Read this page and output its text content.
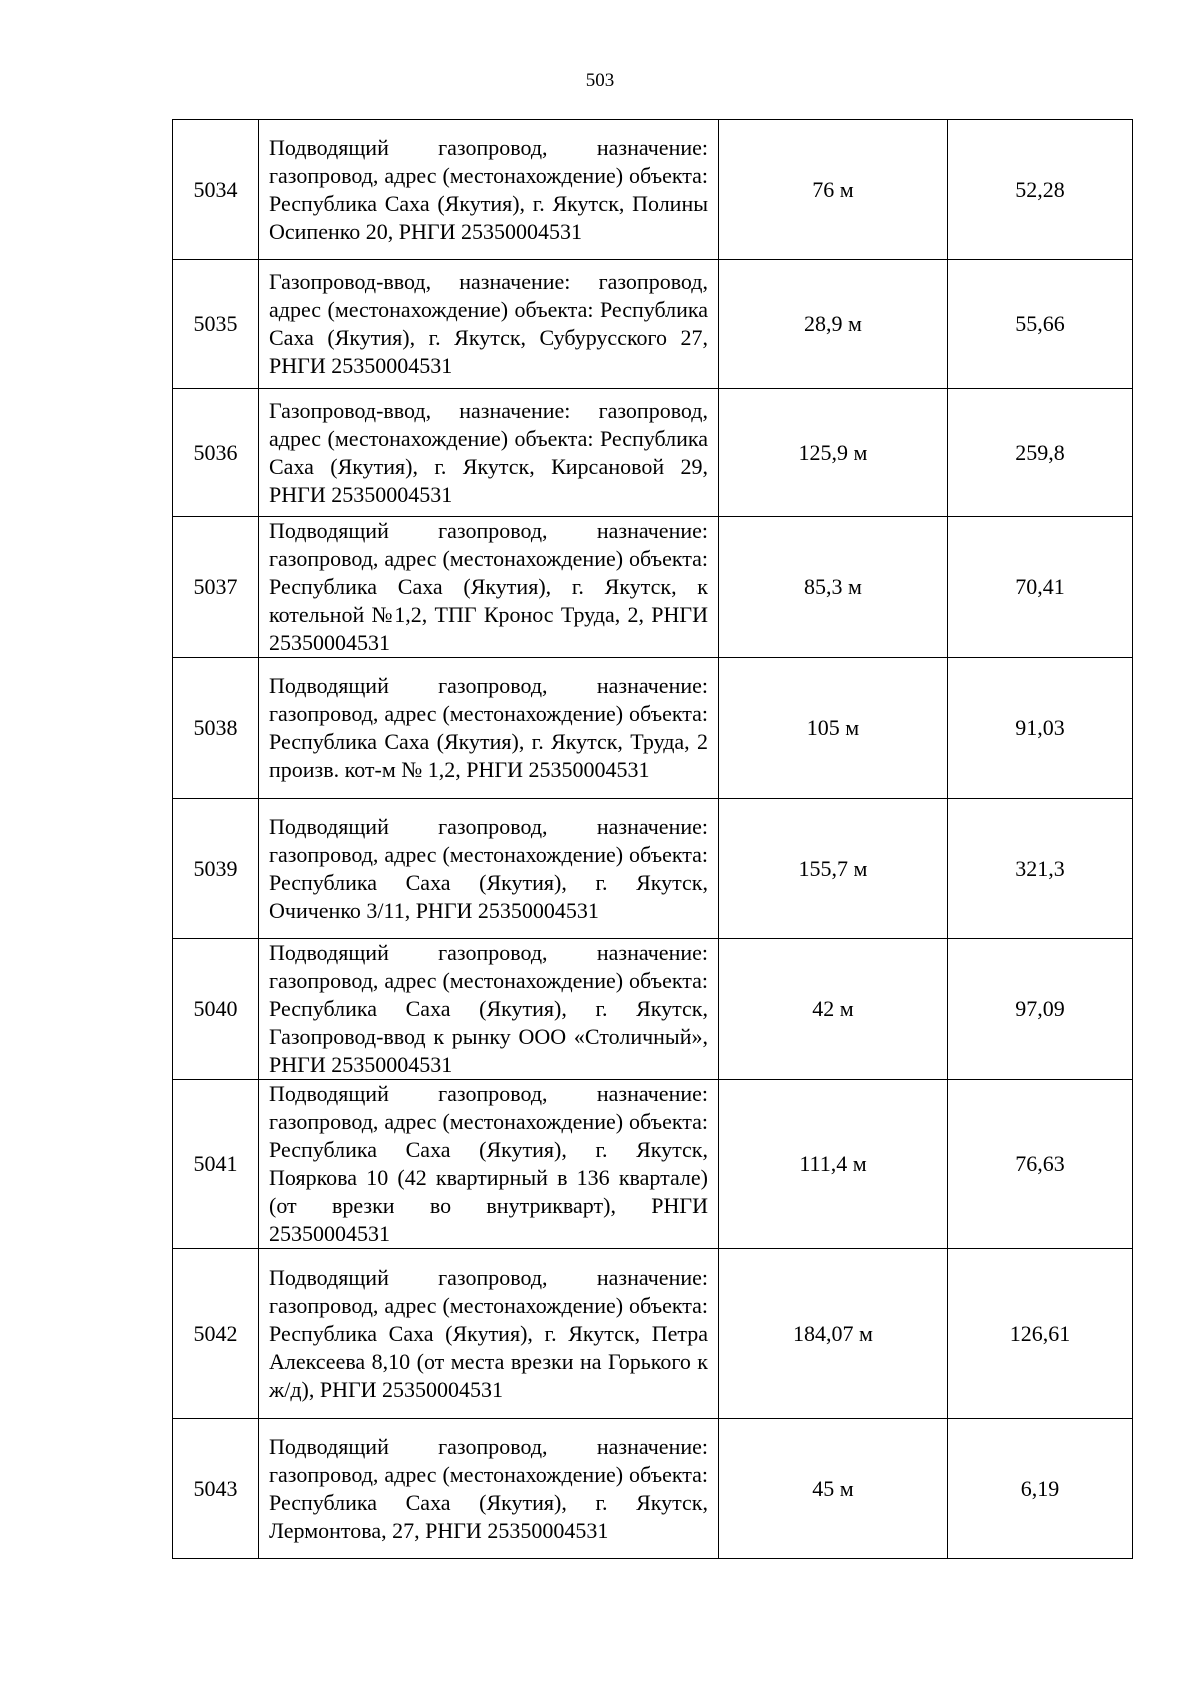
503
5034	Подводящий газопровод, назначение: газопровод, адрес (местонахождение) объекта: Республика Саха (Якутия), г. Якутск, Полины Осипенко 20, РНГИ 25350004531	76 м	52,28
5035	Газопровод-ввод, назначение: газопровод, адрес (местонахождение) объекта: Республика Саха (Якутия), г. Якутск, Субурусского 27, РНГИ 25350004531	28,9 м	55,66
5036	Газопровод-ввод, назначение: газопровод, адрес (местонахождение) объекта: Республика Саха (Якутия), г. Якутск, Кирсановой 29, РНГИ 25350004531	125,9 м	259,8
5037	Подводящий газопровод, назначение: газопровод, адрес (местонахождение) объекта: Республика Саха (Якутия), г. Якутск, к котельной №1,2, ТПГ Кронос Труда, 2, РНГИ 25350004531	85,3 м	70,41
5038	Подводящий газопровод, назначение: газопровод, адрес (местонахождение) объекта: Республика Саха (Якутия), г. Якутск, Труда, 2 произв. кот-м № 1,2, РНГИ 25350004531	105 м	91,03
5039	Подводящий газопровод, назначение: газопровод, адрес (местонахождение) объекта: Республика Саха (Якутия), г. Якутск, Очиченко 3/11, РНГИ 25350004531	155,7 м	321,3
5040	Подводящий газопровод, назначение: газопровод, адрес (местонахождение) объекта: Республика Саха (Якутия), г. Якутск, Газопровод-ввод к рынку ООО «Столичный», РНГИ 25350004531	42 м	97,09
5041	Подводящий газопровод, назначение: газопровод, адрес (местонахождение) объекта: Республика Саха (Якутия), г. Якутск, Пояркова 10 (42 квартирный в 136 квартале) (от врезки во внутрикварт), РНГИ 25350004531	111,4 м	76,63
5042	Подводящий газопровод, назначение: газопровод, адрес (местонахождение) объекта: Республика Саха (Якутия), г. Якутск, Петра Алексеева 8,10 (от места врезки на Горького к ж/д), РНГИ 25350004531	184,07 м	126,61
5043	Подводящий газопровод, назначение: газопровод, адрес (местонахождение) объекта: Республика Саха (Якутия), г. Якутск, Лермонтова, 27, РНГИ 25350004531	45 м	6,19
